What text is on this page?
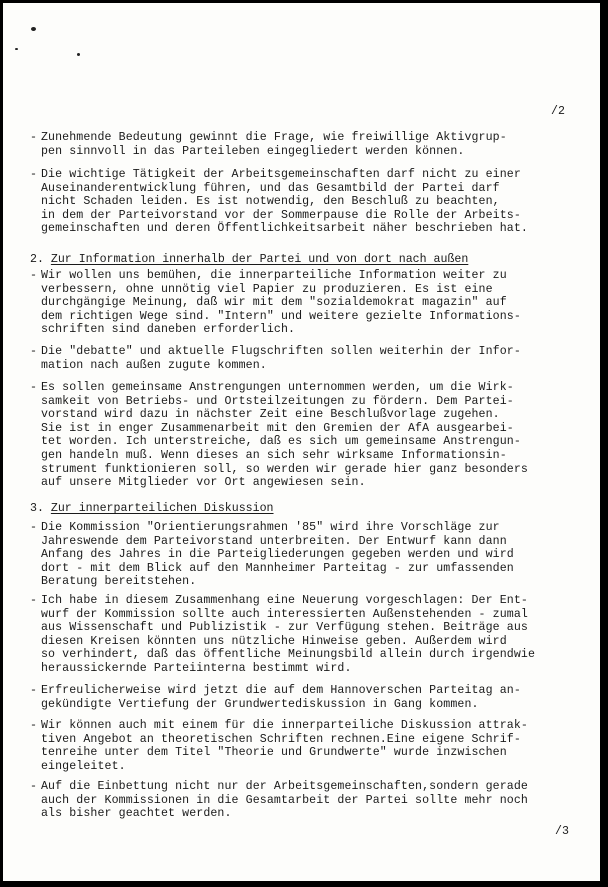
/2
- Zunehmende Bedeutung gewinnt die Frage, wie freiwillige Aktivgrup-
pen sinnvoll in das Parteileben eingegliedert werden können.
- Die wichtige Tätigkeit der Arbeitsgemeinschaften darf nicht zu einer
Auseinanderentwicklung führen, und das Gesamtbild der Partei darf
nicht Schaden leiden. Es ist notwendig, den Beschluß zu beachten,
in dem der Parteivorstand vor der Sommerpause die Rolle der Arbeits-
gemeinschaften und deren Öffentlichkeitsarbeit näher beschrieben hat.
2. Zur Information innerhalb der Partei und von dort nach außen
- Wir wollen uns bemühen, die innerparteiliche Information weiter zu
verbessern, ohne unnötig viel Papier zu produzieren. Es ist eine
durchgängige Meinung, daß wir mit dem "sozialdemokrat magazin" auf
dem richtigen Wege sind. "Intern" und weitere gezielte Informations-
schriften sind daneben erforderlich.
- Die "debatte" und aktuelle Flugschriften sollen weiterhin der Infor-
mation nach außen zugute kommen.
- Es sollen gemeinsame Anstrengungen unternommen werden, um die Wirk-
samkeit von Betriebs- und Ortsteilzeitungen zu fördern. Dem Partei-
vorstand wird dazu in nächster Zeit eine Beschlußvorlage zugehen.
Sie ist in enger Zusammenarbeit mit den Gremien der AfA ausgearbei-
tet worden. Ich unterstreiche, daß es sich um gemeinsame Anstrengun-
gen handeln muß. Wenn dieses an sich sehr wirksame Informationsin-
strument funktionieren soll, so werden wir gerade hier ganz besonders
auf unsere Mitglieder vor Ort angewiesen sein.
3. Zur innerparteilichen Diskussion
- Die Kommission "Orientierungsrahmen '85" wird ihre Vorschläge zur
Jahreswende dem Parteivorstand unterbreiten. Der Entwurf kann dann
Anfang des Jahres in die Parteigliederungen gegeben werden und wird
dort - mit dem Blick auf den Mannheimer Parteitag - zur umfassenden
Beratung bereitstehen.
- Ich habe in diesem Zusammenhang eine Neuerung vorgeschlagen: Der Ent-
wurf der Kommission sollte auch interessierten Außenstehenden - zumal
aus Wissenschaft und Publizistik - zur Verfügung stehen. Beiträge aus
diesen Kreisen könnten uns nützliche Hinweise geben. Außerdem wird
so verhindert, daß das öffentliche Meinungsbild allein durch irgendwie
heraussickernde Parteiinterna bestimmt wird.
- Erfreulicherweise wird jetzt die auf dem Hannoverschen Parteitag an-
gekündigte Vertiefung der Grundwertediskussion in Gang kommen.
- Wir können auch mit einem für die innerparteiliche Diskussion attrak-
tiven Angebot an theoretischen Schriften rechnen.Eine eigene Schrif-
tenreihe unter dem Titel "Theorie und Grundwerte" wurde inzwischen
eingeleitet.
- Auf die Einbettung nicht nur der Arbeitsgemeinschaften,sondern gerade
auch der Kommissionen in die Gesamtarbeit der Partei sollte mehr noch
als bisher geachtet werden.
/3
